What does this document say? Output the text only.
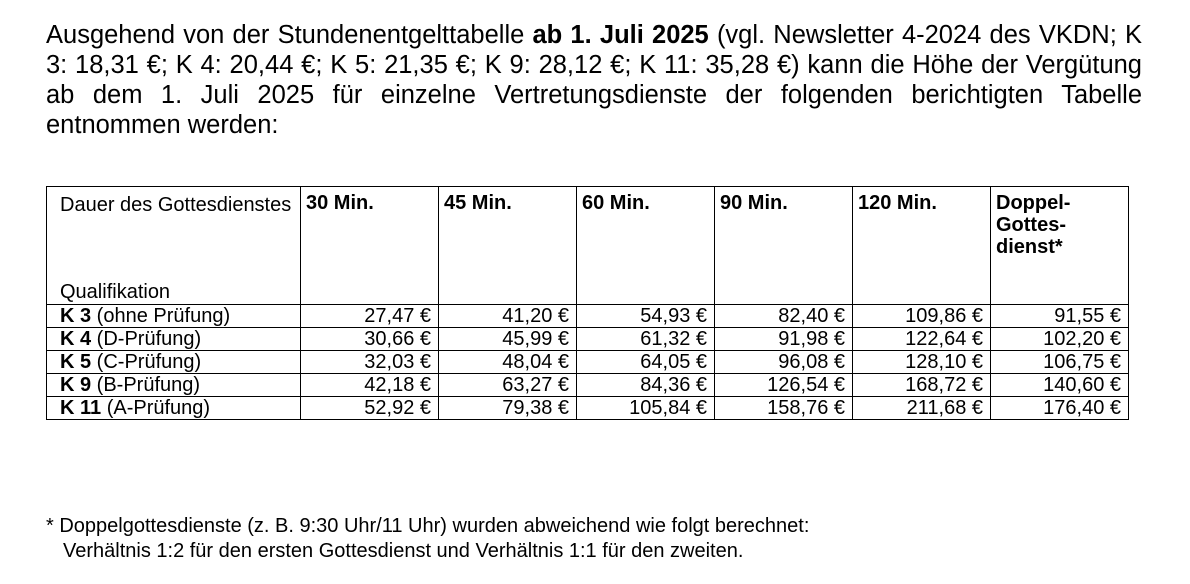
Ausgehend von der Stundenentgelttabelle ab 1. Juli 2025 (vgl. Newsletter 4-2024 des VKDN; K 3: 18,31 €; K 4: 20,44 €; K 5: 21,35 €; K 9: 28,12 €; K 11: 35,28 €) kann die Höhe der Vergütung ab dem 1. Juli 2025 für einzelne Vertretungsdienste der folgenden berichtigten Tabelle entnommen werden:

Dauer des Gottesdienstes
Qualifikation	30 Min.	45 Min.	60 Min.	90 Min.	120 Min.	Doppel-
Gottes-
dienst*
K 3 (ohne Prüfung)	27,47 €	41,20 €	54,93 €	82,40 €	109,86 €	91,55 €
K 4 (D-Prüfung)	30,66 €	45,99 €	61,32 €	91,98 €	122,64 €	102,20 €
K 5 (C-Prüfung)	32,03 €	48,04 €	64,05 €	96,08 €	128,10 €	106,75 €
K 9 (B-Prüfung)	42,18 €	63,27 €	84,36 €	126,54 €	168,72 €	140,60 €
K 11 (A-Prüfung)	52,92 €	79,38 €	105,84 €	158,76 €	211,68 €	176,40 €

* Doppelgottesdienste (z. B. 9:30 Uhr/11 Uhr) wurden abweichend wie folgt berechnet:
Verhältnis 1:2 für den ersten Gottesdienst und Verhältnis 1:1 für den zweiten.
